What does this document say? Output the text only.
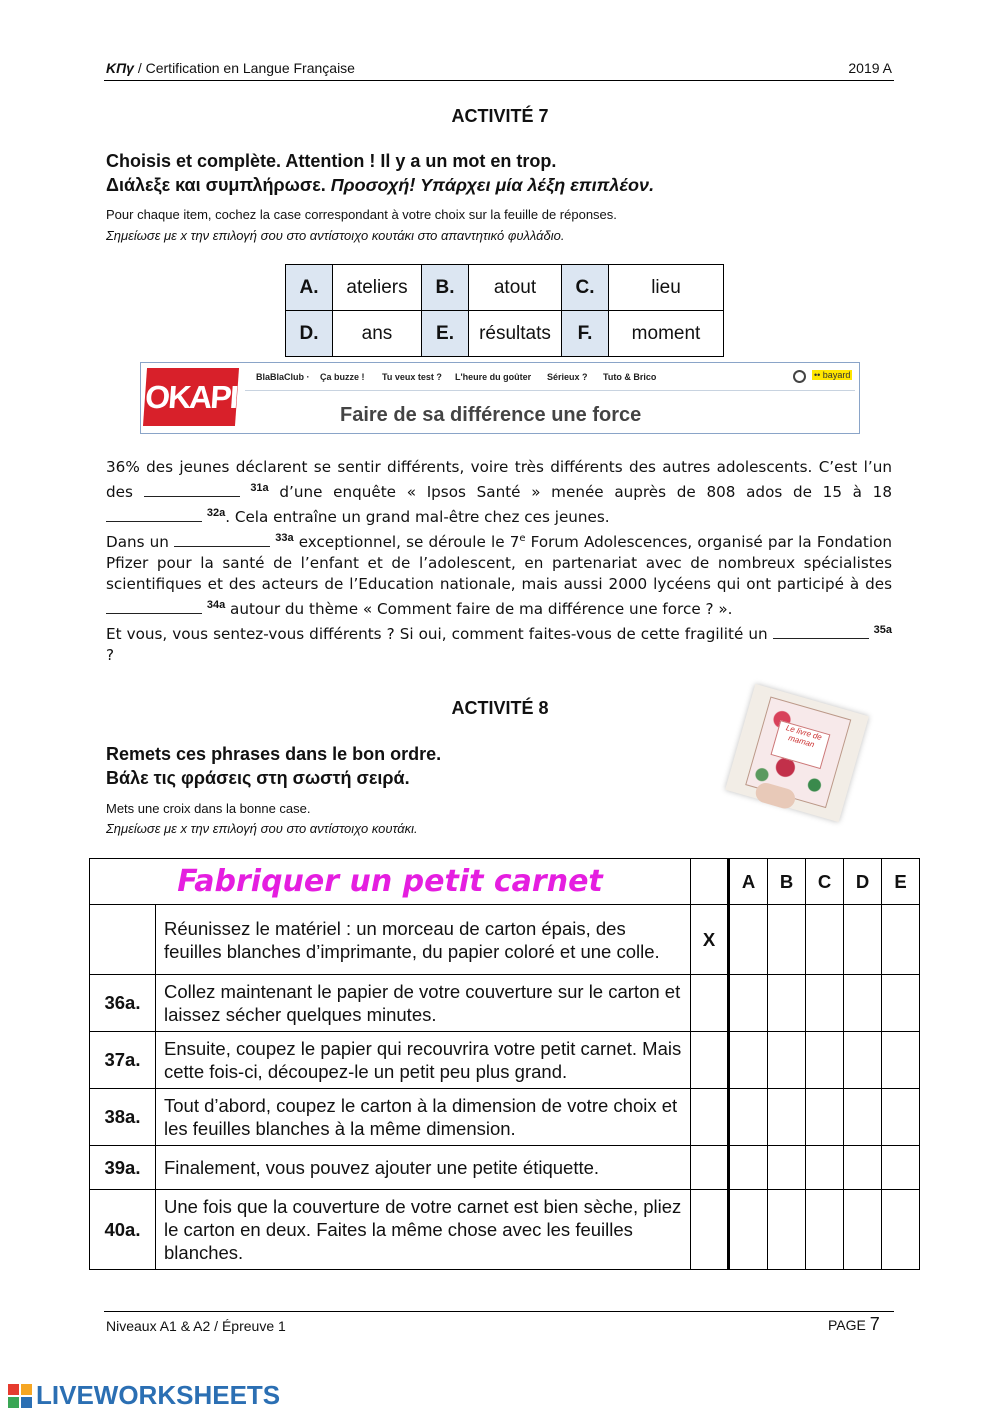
ΚΠγ / Certification en Langue Française	2019 A
ACTIVITÉ 7
Choisis et complète. Attention ! Il y a un mot en trop.
Διάλεξε και συμπλήρωσε. Προσοχή! Υπάρχει μία λέξη επιπλέον.
Pour chaque item, cochez la case correspondant à votre choix sur la feuille de réponses.
Σημείωσε με x την επιλογή σου στο αντίστοιχο κουτάκι στο απαντητικό φυλλάδιο.
A.	ateliers	B.	atout	C.	lieu
D.	ans	E.	résultats	F.	moment
OKAPI
BlaBlaClub · Ça buzze ! Tu veux test ? L'heure du goûter Sérieux ? Tuto & Brico	•• bayard
Faire de sa différence une force
36% des jeunes déclarent se sentir différents, voire très différents des autres adolescents. C’est l’un des	$^{31a}$ d’une enquête « Ipsos Santé » menée auprès de 808 ados de 15 à 18  $^{32a}$. Cela entraîne un grand mal-être chez ces jeunes.
Dans un	$^{33a}$ exceptionnel, se déroule le 7e Forum Adolescences, organisé par la Fondation Pfizer pour la santé de l’enfant et de l’adolescent, en partenariat avec de nombreux spécialistes scientifiques et des acteurs de l’Education nationale, mais aussi 2000 lycéens qui ont participé à des  $^{34a}$ autour du thème « Comment faire de ma différence une force ? ».
Et vous, vous sentez-vous différents ? Si oui, comment faites-vous de cette fragilité un	$^{35a}$ ?
ACTIVITÉ 8
Remets ces phrases dans le bon ordre.
Βάλε τις φράσεις στη σωστή σειρά.
Mets une croix dans la bonne case.
Σημείωσε με x την επιλογή σου στο αντίστοιχο κουτάκι.
Le livre de maman
Fabriquer un petit carnet			A	B	C	D	E
	Réunissez le matériel : un morceau de carton épais, des feuilles blanches d’imprimante, du papier coloré et une colle.	X					
36a.	Collez maintenant le papier de votre couverture sur le carton et laissez sécher quelques minutes.						
37a.	Ensuite, coupez le papier qui recouvrira votre petit carnet. Mais cette fois-ci, découpez-le un petit peu plus grand.						
38a.	Tout d’abord, coupez le carton à la dimension de votre choix et les feuilles blanches à la même dimension.						
39a.	Finalement, vous pouvez ajouter une petite étiquette.						
40a.	Une fois que la couverture de votre carnet est bien sèche, pliez le carton en deux. Faites la même chose avec les feuilles blanches.						
Niveaux A1 & A2 / Épreuve 1	PAGE 7
LIVEWORKSHEETS
